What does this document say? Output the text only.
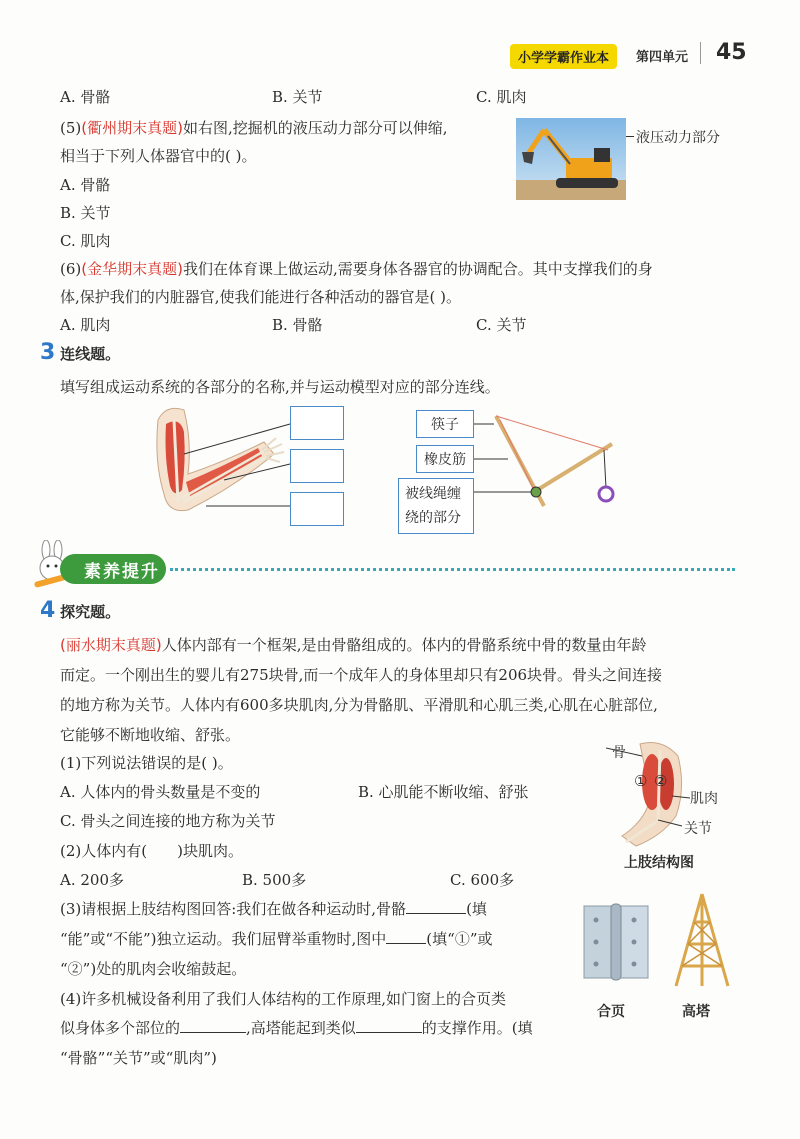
小学学霸作业本	第四单元 45
A. 骨骼	B. 关节	C. 肌肉
(5)(衢州期末真题)如右图,挖掘机的液压动力部分可以伸缩,
相当于下列人体器官中的( )。
A. 骨骼
B. 关节
C. 肌肉
液压动力部分
(6)(金华期末真题)我们在体育课上做运动,需要身体各器官的协调配合。其中支撑我们的身
体,保护我们的内脏器官,使我们能进行各种活动的器官是( )。
A. 肌肉	B. 骨骼	C. 关节
3 连线题。
填写组成运动系统的各部分的名称,并与运动模型对应的部分连线。
筷子
橡皮筋
被线绳缠
绕的部分
素养提升
4 探究题。
(丽水期末真题)人体内部有一个框架,是由骨骼组成的。体内的骨骼系统中骨的数量由年龄
而定。一个刚出生的婴儿有275块骨,而一个成年人的身体里却只有206块骨。骨头之间连接
的地方称为关节。人体内有600多块肌肉,分为骨骼肌、平滑肌和心肌三类,心肌在心脏部位,
它能够不断地收缩、舒张。
(1)下列说法错误的是( )。
A. 人体内的骨头数量是不变的	B. 心肌能不断收缩、舒张
C. 骨头之间连接的地方称为关节
(2)人体内有( )块肌肉。
A. 200多	B. 500多	C. 600多
(3)请根据上肢结构图回答:我们在做各种运动时,骨骼	(填
“能”或“不能”)独立运动。我们屈臂举重物时,图中	(填“①”或
“②”)处的肌肉会收缩鼓起。
(4)许多机械设备利用了我们人体结构的工作原理,如门窗上的合页类
似身体多个部位的	,高塔能起到类似	的支撑作用。(填
“骨骼”“关节”或“肌肉”)
骨
① ②
肌肉
关节
上肢结构图
合页	高塔
